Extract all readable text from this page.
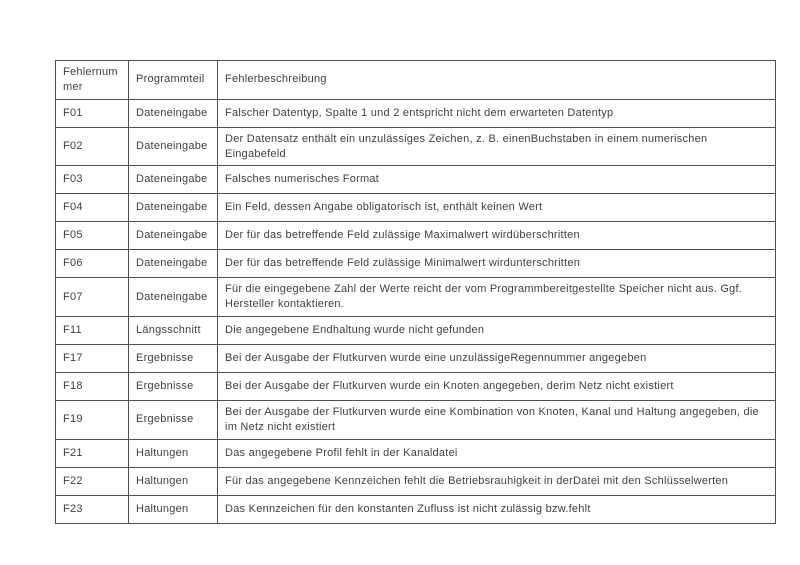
Fehlernummer	Programmteil	Fehlerbeschreibung
F01	Dateneingabe	Falscher Datentyp, Spalte 1 und 2 entspricht nicht dem erwarteten Datentyp
F02	Dateneingabe	Der Datensatz enthält ein unzulässiges Zeichen, z. B. einenBuchstaben in einem numerischen Eingabefeld
F03	Dateneingabe	Falsches numerisches Format
F04	Dateneingabe	Ein Feld, dessen Angabe obligatorisch ist, enthält keinen Wert
F05	Dateneingabe	Der für das betreffende Feld zulässige Maximalwert wirdüberschritten
F06	Dateneingabe	Der für das betreffende Feld zulässige Minimalwert wirdunterschritten
F07	Dateneingabe	Für die eingegebene Zahl der Werte reicht der vom Programmbereitgestellte Speicher nicht aus. Ggf. Hersteller kontaktieren.
F11	Längsschnitt	Die angegebene Endhaltung wurde nicht gefunden
F17	Ergebnisse	Bei der Ausgabe der Flutkurven wurde eine unzulässigeRegennummer angegeben
F18	Ergebnisse	Bei der Ausgabe der Flutkurven wurde ein Knoten angegeben, derim Netz nicht existiert
F19	Ergebnisse	Bei der Ausgabe der Flutkurven wurde eine Kombination von Knoten, Kanal und Haltung angegeben, die im Netz nicht existiert
F21	Haltungen	Das angegebene Profil fehlt in der Kanaldatei
F22	Haltungen	Für das angegebene Kennzeichen fehlt die Betriebsrauhigkeit in derDatei mit den Schlüsselwerten
F23	Haltungen	Das Kennzeichen für den konstanten Zufluss ist nicht zulässig bzw.fehlt
